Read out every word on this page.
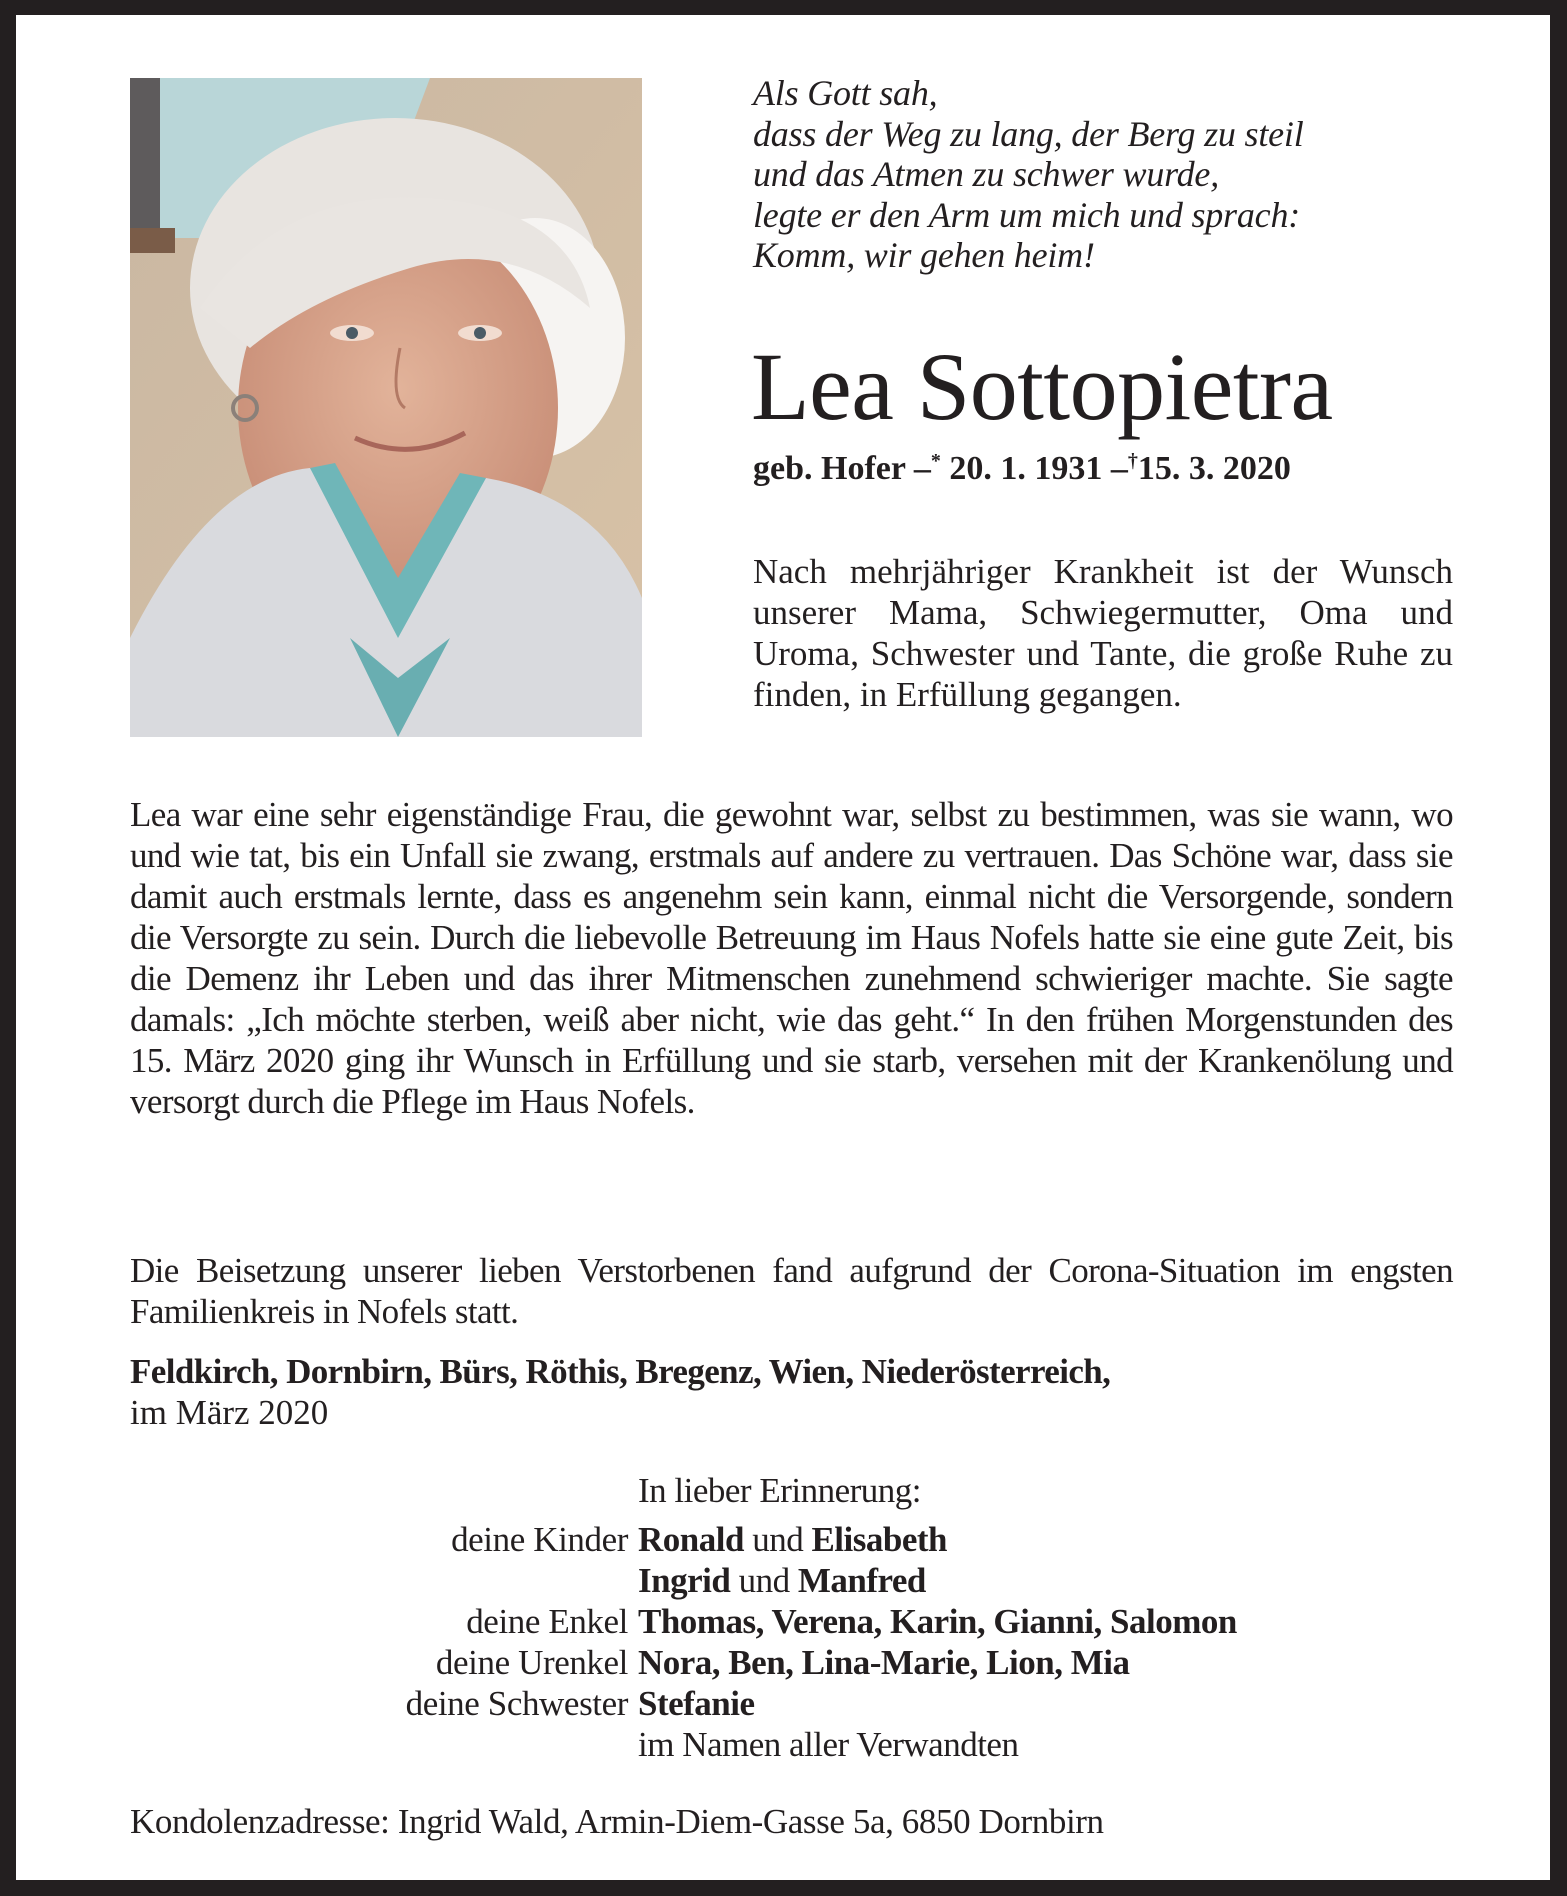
Als Gott sah,
dass der Weg zu lang, der Berg zu steil
und das Atmen zu schwer wurde,
legte er den Arm um mich und sprach:
Komm, wir gehen heim!
Lea Sottopietra
geb. Hofer –* 20. 1. 1931 –†15. 3. 2020

Nach mehrjähriger Krankheit ist der Wunsch unserer Mama, Schwiegermutter, Oma und Uroma, Schwester und Tante, die große Ruhe zu finden, in Erfüllung gegangen.

Lea war eine sehr eigenständige Frau, die gewohnt war, selbst zu bestimmen, was sie wann, wo und wie tat, bis ein Unfall sie zwang, erstmals auf andere zu vertrauen. Das Schöne war, dass sie damit auch erstmals lernte, dass es angenehm sein kann, einmal nicht die Versorgende, sondern die Versorgte zu sein. Durch die liebevolle Betreuung im Haus Nofels hatte sie eine gute Zeit, bis die Demenz ihr Leben und das ihrer Mitmenschen zunehmend schwieriger machte. Sie sagte damals: „Ich möchte sterben, weiß aber nicht, wie das geht.“ In den frühen Morgenstunden des 15. März 2020 ging ihr Wunsch in Erfüllung und sie starb, versehen mit der Krankenölung und versorgt durch die Pflege im Haus Nofels.

Die Beisetzung unserer lieben Verstorbenen fand aufgrund der Corona-Situation im engsten Familienkreis in Nofels statt.

Feldkirch, Dornbirn, Bürs, Röthis, Bregenz, Wien, Niederösterreich,
im März 2020
In lieber Erinnerung:
deine Kinder Ronald und Elisabeth
Ingrid und Manfred
deine Enkel Thomas, Verena, Karin, Gianni, Salomon
deine Urenkel Nora, Ben, Lina-Marie, Lion, Mia
deine Schwester Stefanie
im Namen aller Verwandten
Kondolenzadresse: Ingrid Wald, Armin-Diem-Gasse 5a, 6850 Dornbirn
